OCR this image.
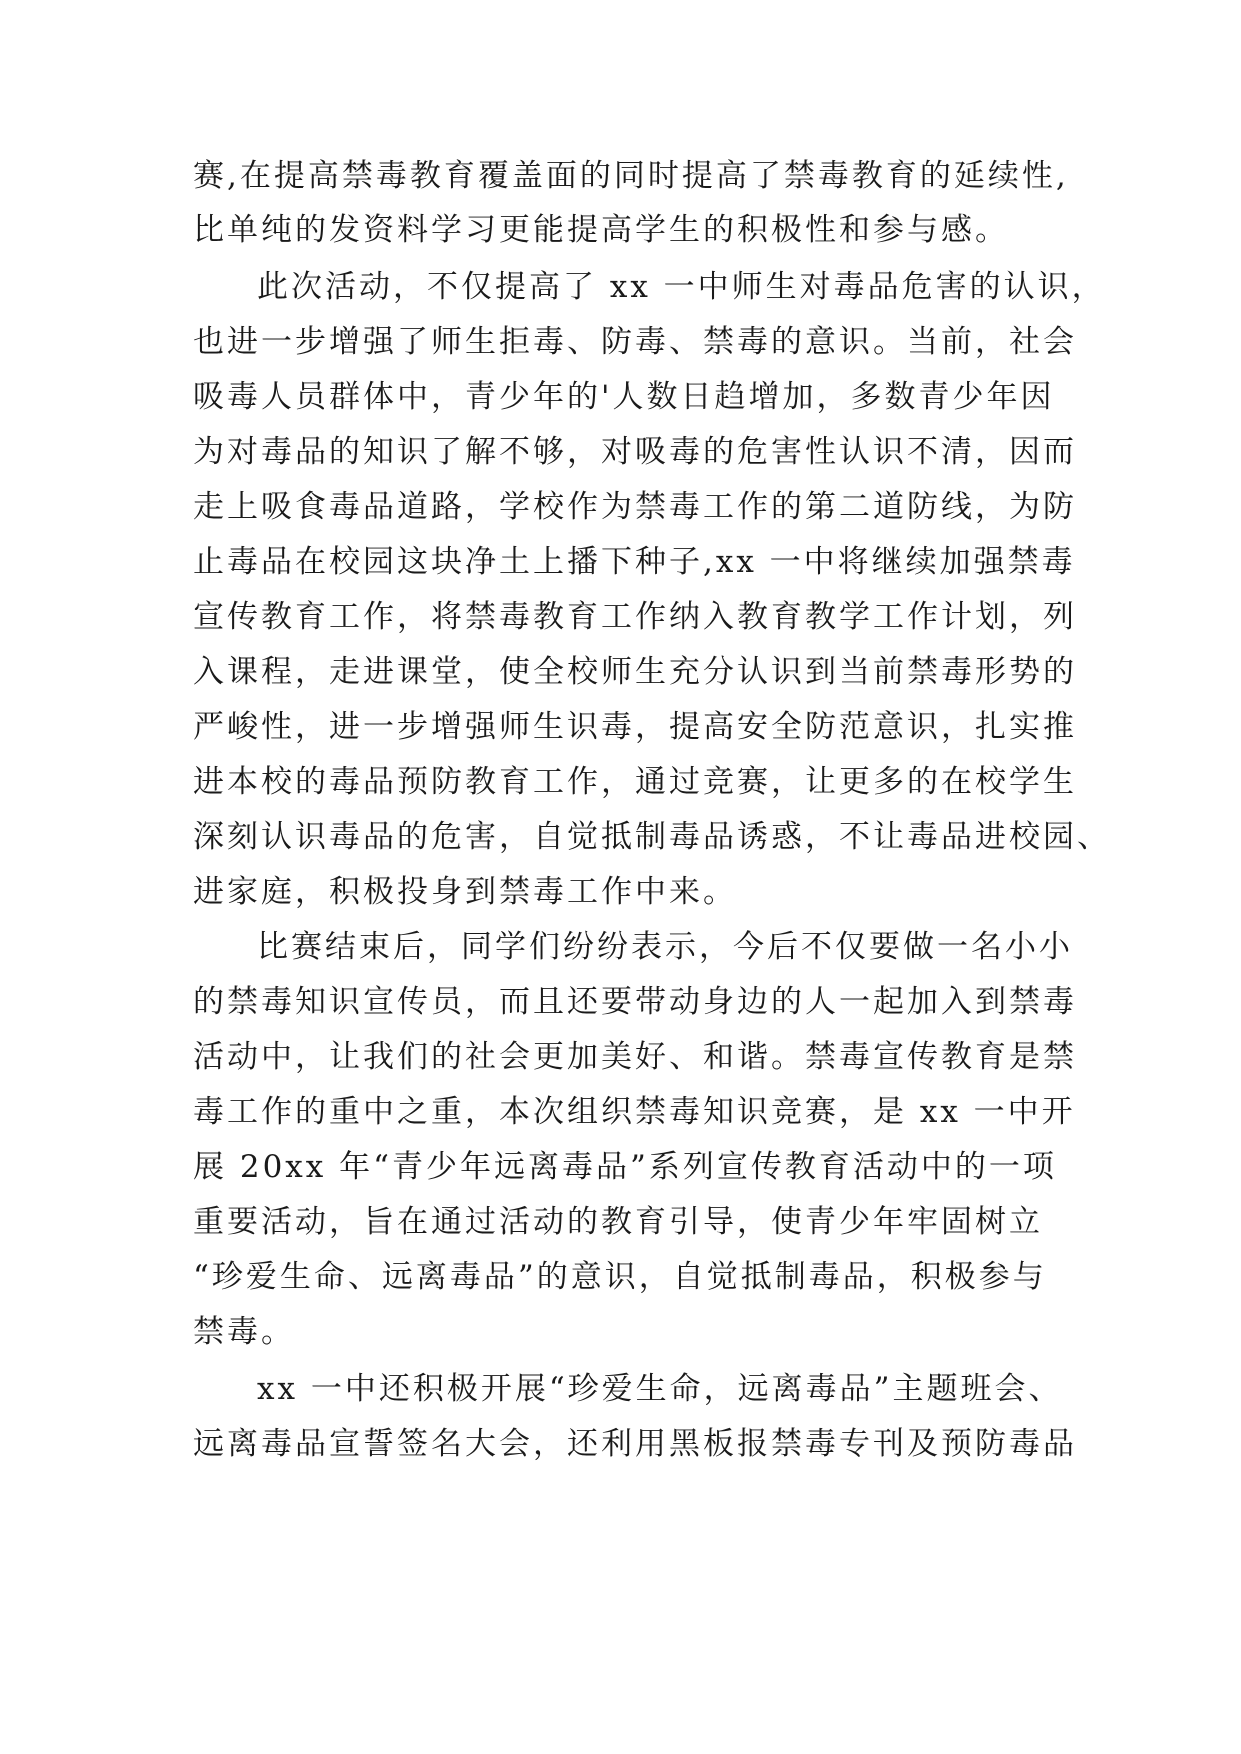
赛,在提高禁毒教育覆盖面的同时提高了禁毒教育的延续性,
比单纯的发资料学习更能提高学生的积极性和参与感。
此次活动，不仅提高了 xx 一中师生对毒品危害的认识，
也进一步增强了师生拒毒、防毒、禁毒的意识。当前，社会
吸毒人员群体中，青少年的'人数日趋增加，多数青少年因
为对毒品的知识了解不够，对吸毒的危害性认识不清，因而
走上吸食毒品道路，学校作为禁毒工作的第二道防线，为防
止毒品在校园这块净土上播下种子,xx 一中将继续加强禁毒
宣传教育工作，将禁毒教育工作纳入教育教学工作计划，列
入课程，走进课堂，使全校师生充分认识到当前禁毒形势的
严峻性，进一步增强师生识毒，提高安全防范意识，扎实推
进本校的毒品预防教育工作，通过竞赛，让更多的在校学生
深刻认识毒品的危害，自觉抵制毒品诱惑，不让毒品进校园、
进家庭，积极投身到禁毒工作中来。
比赛结束后，同学们纷纷表示，今后不仅要做一名小小
的禁毒知识宣传员，而且还要带动身边的人一起加入到禁毒
活动中，让我们的社会更加美好、和谐。禁毒宣传教育是禁
毒工作的重中之重，本次组织禁毒知识竞赛，是 xx 一中开
展 20xx 年“青少年远离毒品”系列宣传教育活动中的一项
重要活动，旨在通过活动的教育引导，使青少年牢固树立
“珍爱生命、远离毒品”的意识，自觉抵制毒品，积极参与
禁毒。
xx 一中还积极开展“珍爱生命，远离毒品”主题班会、
远离毒品宣誓签名大会，还利用黑板报禁毒专刊及预防毒品
